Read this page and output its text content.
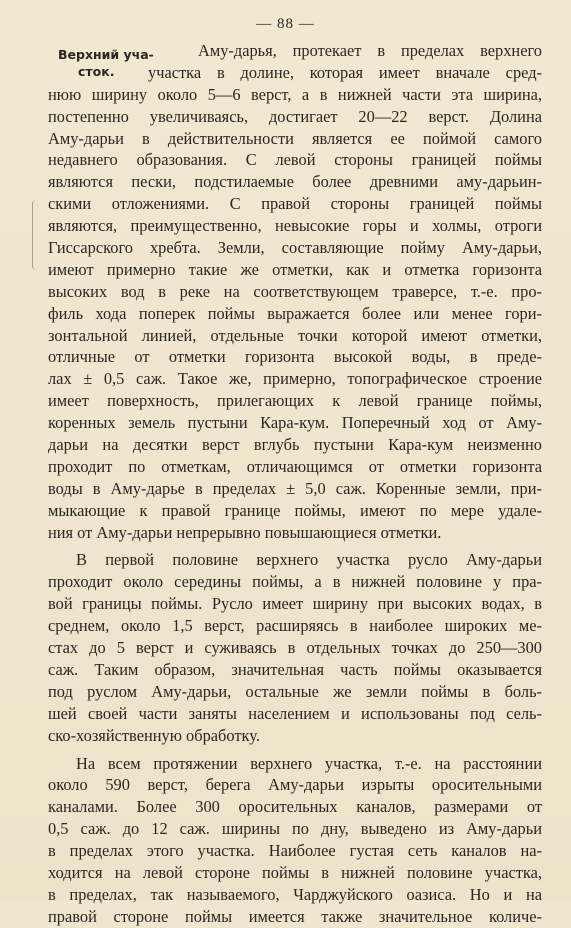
— 88 —
Верхний уча-
сток.
Аму-дарья, протекает в пределах верхнего
участка в долине, которая имеет вначале сред-
нюю ширину около 5—6 верст, а в нижней части эта ширина,
постепенно увеличиваясь, достигает 20—22 верст. Долина
Аму-дарьи в действительности является ее поймой самого
недавнего образования. С левой стороны границей поймы
являются пески, подстилаемые более древними аму-дарьин-
скими отложениями. С правой стороны границей поймы
являются, преимущественно, невысокие горы и холмы, отроги
Гиссарского хребта. Земли, составляющие пойму Аму-дарьи,
имеют примерно такие же отметки, как и отметка горизонта
высоких вод в реке на соответствующем траверсе, т.-е. про-
филь хода поперек поймы выражается более или менее гори-
зонтальной линией, отдельные точки которой имеют отметки,
отличные от отметки горизонта высокой воды, в преде-
лах ± 0,5 саж. Такое же, примерно, топографическое строение
имеет поверхность, прилегающих к левой границе поймы,
коренных земель пустыни Кара-кум. Поперечный ход от Аму-
дарьи на десятки верст вглубь пустыни Кара-кум неизменно
проходит по отметкам, отличающимся от отметки горизонта
воды в Аму-дарье в пределах ± 5,0 саж. Коренные земли, при-
мыкающие к правой границе поймы, имеют по мере удале-
ния от Аму-дарьи непрерывно повышающиеся отметки.
В первой половине верхнего участка русло Аму-дарьи
проходит около середины поймы, а в нижней половине у пра-
вой границы поймы. Русло имеет ширину при высоких водах, в
среднем, около 1,5 верст, расширяясь в наиболее широких ме-
стах до 5 верст и суживаясь в отдельных точках до 250—300
саж. Таким образом, значительная часть поймы оказывается
под руслом Аму-дарьи, остальные же земли поймы в боль-
шей своей части заняты населением и использованы под сель-
ско-хозяйственную обработку.
На всем протяжении верхнего участка, т.-е. на расстоянии
около 590 верст, берега Аму-дарьи изрыты оросительными
каналами. Более 300 оросительных каналов, размерами от
0,5 саж. до 12 саж. ширины по дну, выведено из Аму-дарьи
в пределах этого участка. Наиболее густая сеть каналов на-
ходится на левой стороне поймы в нижней половине участка,
в пределах, так называемого, Чарджуйского оазиса. Но и на
правой стороне поймы имеется также значительное количе-
